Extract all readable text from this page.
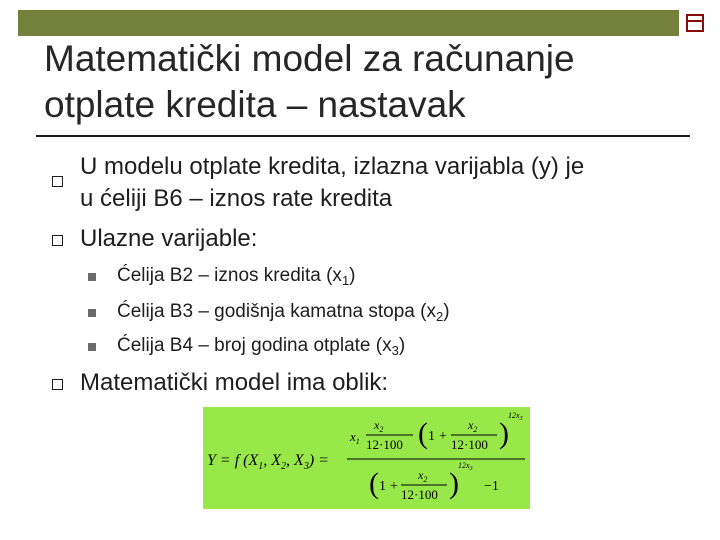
Matematički model za računanje
otplate kredita – nastavak
U modelu otplate kredita, izlazna varijabla (y) je
u ćeliji B6 – iznos rate kredita
Ulazne varijable:
Ćelija B2 – iznos kredita $(x_1)$
Ćelija B3 – godišnja kamatna stopa $(x_2)$
Ćelija B4 – broj godina otplate $(x_3)$
Matematički model ima oblik:
Y = f ($X_1$, $X_2$, $X_3$) =
$x_1$
$x_2$
12·100 ( 1 +
$x_2$
12·100 )
$12x_3$
( 1 +
$x_2$
12·100 )
$12x_3$
−1
